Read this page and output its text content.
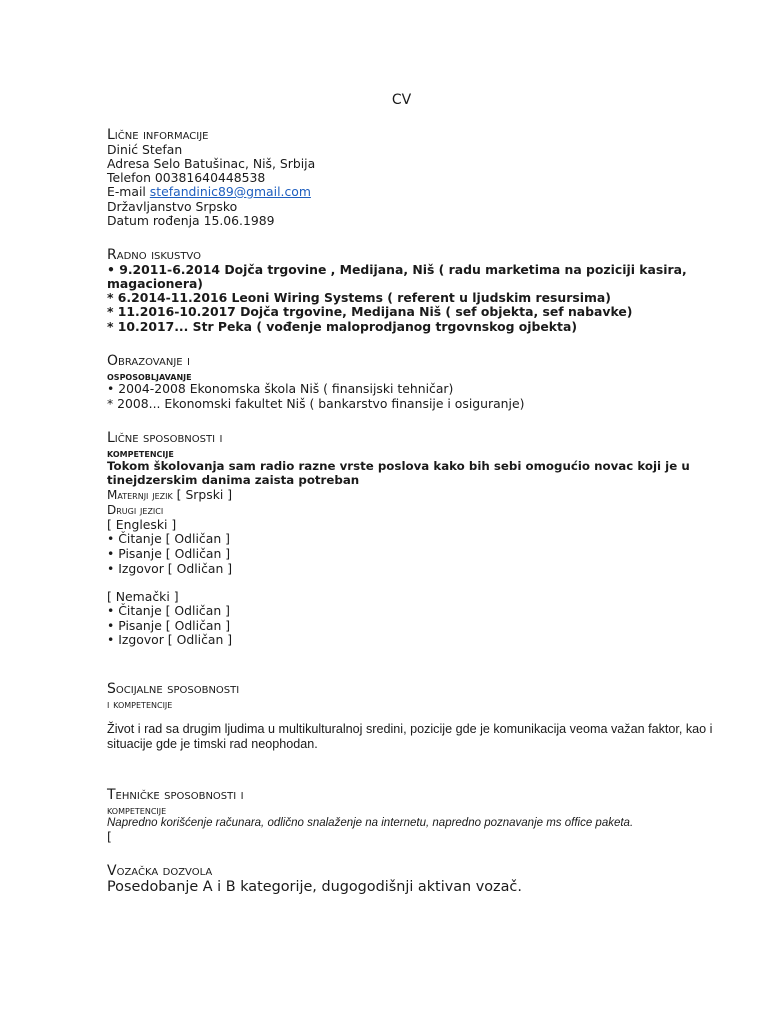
CV
Lične informacije
Dinić Stefan
Adresa Selo Batušinac, Niš, Srbija
Telefon 00381640448538
E-mail stefandinic89@gmail.com
Državljanstvo Srpsko
Datum rođenja 15.06.1989
Radno iskustvo
• 9.2011-6.2014 Dojča trgovine , Medijana, Niš ( radu marketima na poziciji kasira,
magacionera)
* 6.2014-11.2016 Leoni Wiring Systems ( referent u ljudskim resursima)
* 11.2016-10.2017 Dojča trgovine, Medijana Niš ( sef objekta, sef nabavke)
* 10.2017... Str Peka ( vođenje maloprodjanog trgovnskog ojbekta)
Obrazovanje i
osposobljavanje
• 2004-2008 Ekonomska škola Niš ( finansijski tehničar)
* 2008... Ekonomski fakultet Niš ( bankarstvo finansije i osiguranje)
Lične sposobnosti i
kompetencije
Tokom školovanja sam radio razne vrste poslova kako bih sebi omogućio novac koji je u
tinejdzerskim danima zaista potreban
Maternji jezik [ Srpski ]
Drugi jezici
[ Engleski ]
• Čitanje [ Odličan ]
• Pisanje [ Odličan ]
• Izgovor [ Odličan ]
[ Nemački ]
• Čitanje [ Odličan ]
• Pisanje [ Odličan ]
• Izgovor [ Odličan ]
Socijalne sposobnosti
i kompetencije
Život i rad sa drugim ljudima u multikulturalnoj sredini, pozicije gde je komunikacija veoma važan faktor, kao i
situacije gde je timski rad neophodan.
Tehničke sposobnosti i
kompetencije
Napredno korišćenje računara, odlično snalaženje na internetu, napredno poznavanje ms office paketa.
[
Vozačka dozvola
Posedobanje A i B kategorije, dugogodišnji aktivan vozač.
